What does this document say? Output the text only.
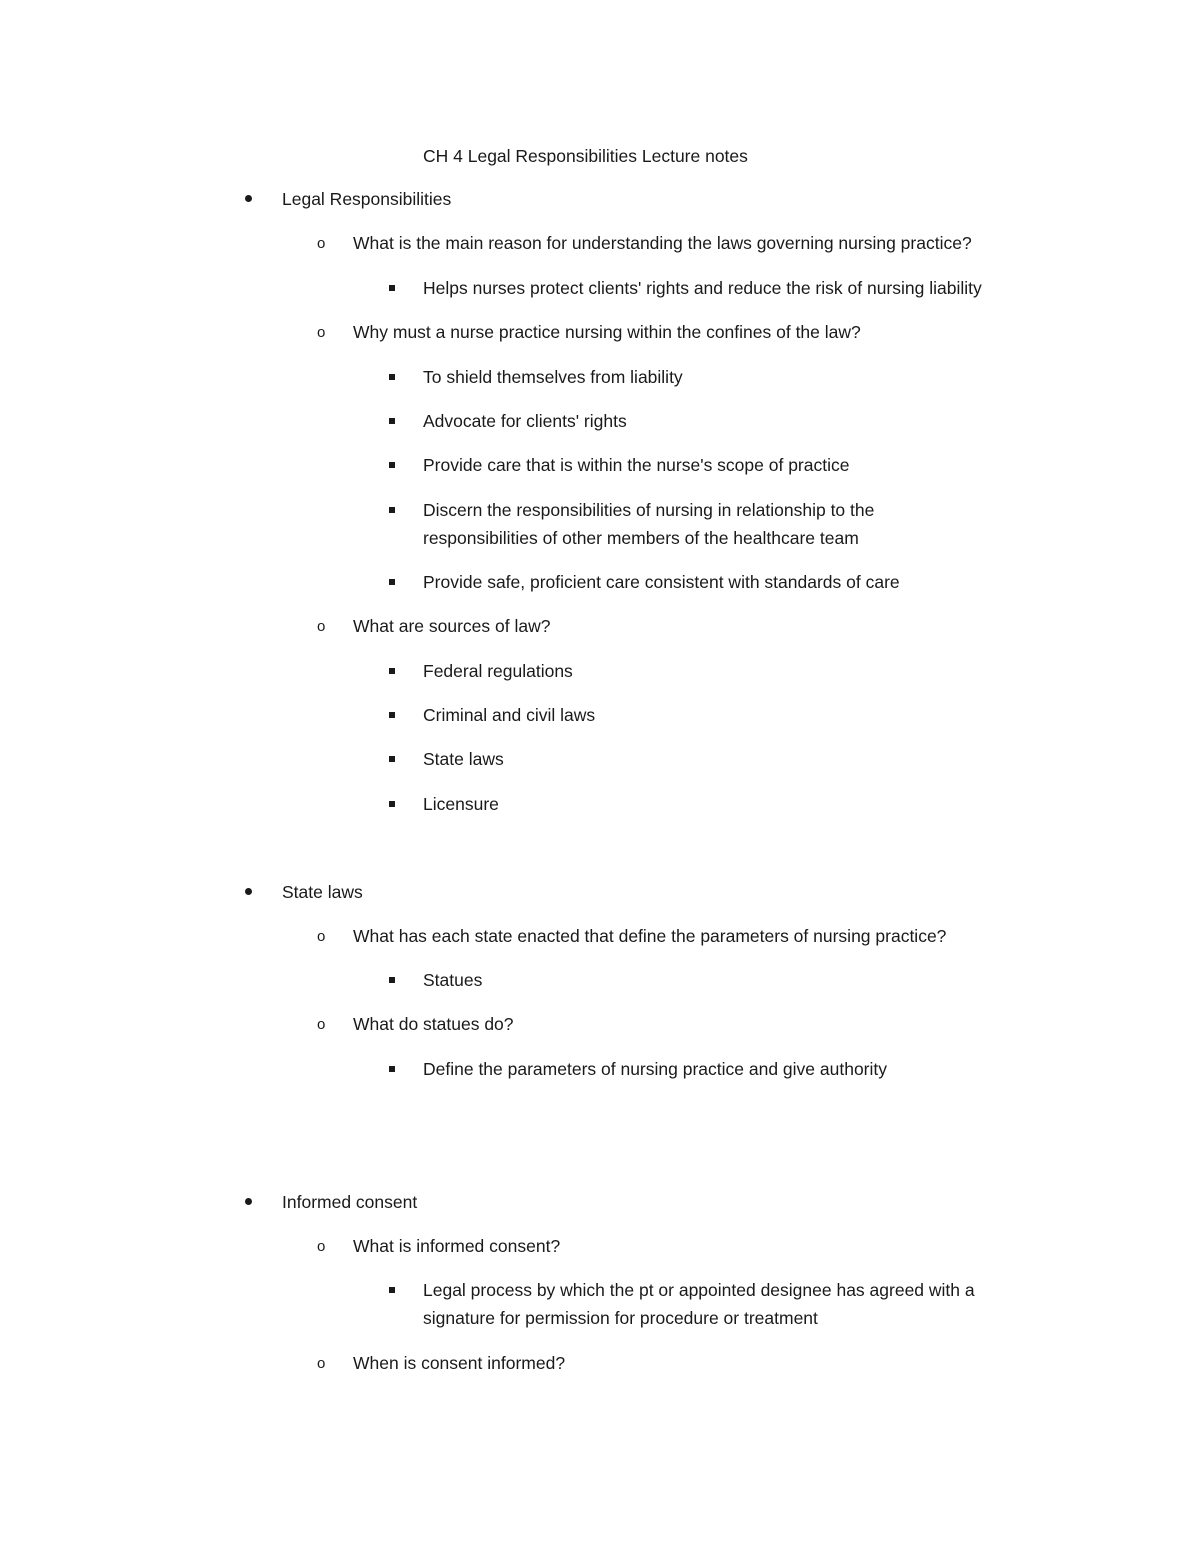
CH 4 Legal Responsibilities Lecture notes
Legal Responsibilities
o What is the main reason for understanding the laws governing nursing practice?
Helps nurses protect clients' rights and reduce the risk of nursing liability
o Why must a nurse practice nursing within the confines of the law?
To shield themselves from liability
Advocate for clients' rights
Provide care that is within the nurse's scope of practice
Discern the responsibilities of nursing in relationship to the
responsibilities of other members of the healthcare team
Provide safe, proficient care consistent with standards of care
o What are sources of law?
Federal regulations
Criminal and civil laws
State laws
Licensure
State laws
o What has each state enacted that define the parameters of nursing practice?
Statues
o What do statues do?
Define the parameters of nursing practice and give authority
Informed consent
o What is informed consent?
Legal process by which the pt or appointed designee has agreed with a
signature for permission for procedure or treatment
o When is consent informed?
